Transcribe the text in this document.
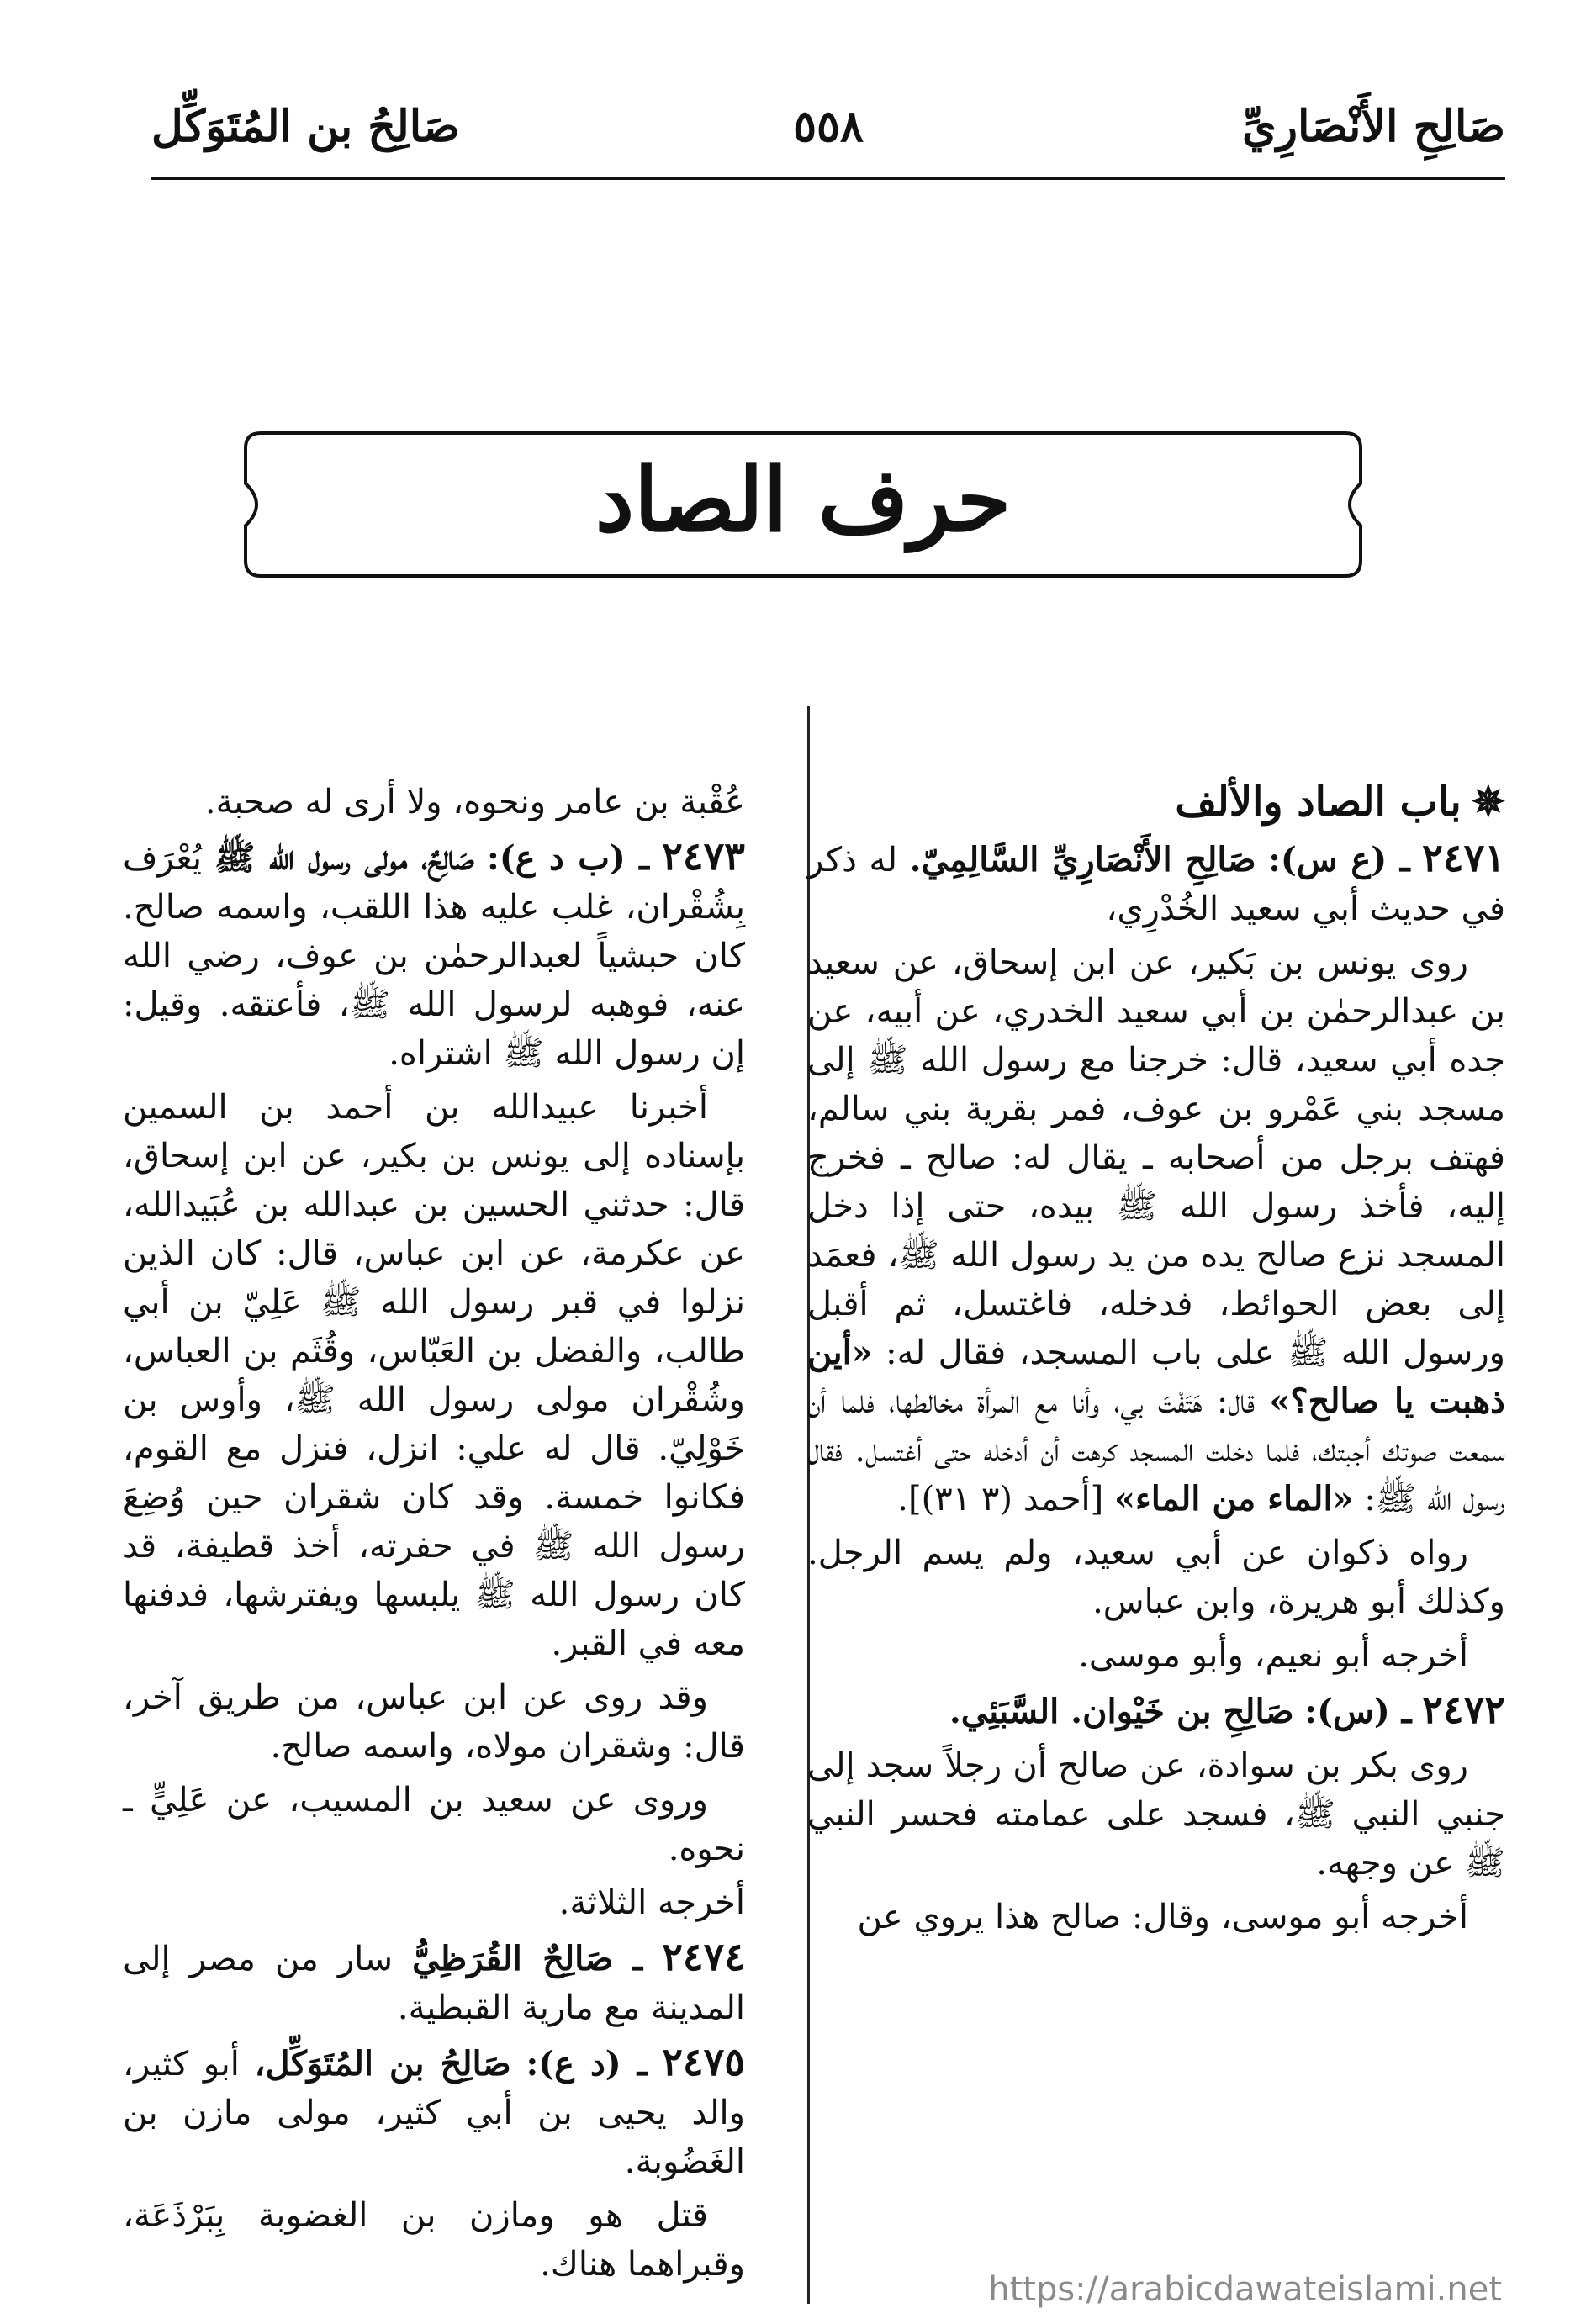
صَالِحِ الأَنْصَارِيِّ
٥٥٨
صَالِحُ بن المُتَوَكِّل
حرف الصاد

✵باب الصاد والألف

٢٤٧١ ـ (ع س): صَالِحِ الأَنْصَارِيِّ السَّالِمِيّ. له ذكر في حديث أبي سعيد الخُدْرِي،

روى يونس بن بَكير، عن ابن إسحاق، عن سعيد بن عبدالرحمٰن بن أبي سعيد الخدري، عن أبيه، عن جده أبي سعيد، قال: خرجنا مع رسول الله ﷺ إلى مسجد بني عَمْرو بن عوف، فمر بقرية بني سالم، فهتف برجل من أصحابه ـ يقال له: صالح ـ فخرج إليه، فأخذ رسول الله ﷺ بيده، حتى إذا دخل المسجد نزع صالح يده من يد رسول الله ﷺ، فعمَد إلى بعض الحوائط، فدخله، فاغتسل، ثم أقبل ورسول الله ﷺ على باب المسجد، فقال له: «أين ذهبت يا صالح؟» قال: هَتَفْتَ بي، وأنا مع المرأة مخالطها، فلما أن سمعت صوتك أجبتك، فلما دخلت المسجد كرهت أن أدخله حتى أغتسل. فقال رسول الله ﷺ: «الماء من الماء» [أحمد (٣ ٣١)].

رواه ذكوان عن أبي سعيد، ولم يسم الرجل. وكذلك أبو هريرة، وابن عباس.

أخرجه أبو نعيم، وأبو موسى.

٢٤٧٢ ـ (س): صَالِحِ بن خَيْوان. السَّبَئِي.

روى بكر بن سوادة، عن صالح أن رجلاً سجد إلى جنبي النبي ﷺ، فسجد على عمامته فحسر النبي ﷺ عن وجهه.

أخرجه أبو موسى، وقال: صالح هذا يروي عن

عُقْبة بن عامر ونحوه، ولا أرى له صحبة.

٢٤٧٣ ـ (ب د ع): صَالِحٌ، مولى رسول الله ﷺ يُعْرَف بِشُقْران، غلب عليه هذا اللقب، واسمه صالح. كان حبشياً لعبدالرحمٰن بن عوف، رضي الله عنه، فوهبه لرسول الله ﷺ، فأعتقه. وقيل: إن رسول الله ﷺ اشتراه.

أخبرنا عبيدالله بن أحمد بن السمين بإسناده إلى يونس بن بكير، عن ابن إسحاق، قال: حدثني الحسين بن عبدالله بن عُبَيدالله، عن عكرمة، عن ابن عباس، قال: كان الذين نزلوا في قبر رسول الله ﷺ عَلِيّ بن أبي طالب، والفضل بن العَبّاس، وقُثَم بن العباس، وشُقْران مولى رسول الله ﷺ، وأوس بن خَوْلِيّ. قال له علي: انزل، فنزل مع القوم، فكانوا خمسة. وقد كان شقران حين وُضِعَ رسول الله ﷺ في حفرته، أخذ قطيفة، قد كان رسول الله ﷺ يلبسها ويفترشها، فدفنها معه في القبر.

وقد روى عن ابن عباس، من طريق آخر، قال: وشقران مولاه، واسمه صالح.

وروى عن سعيد بن المسيب، عن عَلِيٍّ ـ نحوه.

أخرجه الثلاثة.

٢٤٧٤ ـ صَالِحٌ القُرَظِيُّ سار من مصر إلى المدينة مع مارية القبطية.

٢٤٧٥ ـ (د ع): صَالِحُ بن المُتَوَكِّل، أبو كثير، والد يحيى بن أبي كثير، مولى مازن بن الغَضُوبة.

قتل هو ومازن بن الغضوبة بِبَرْذَعَة، وقبراهما هناك.

https://arabicdawateislami.net
